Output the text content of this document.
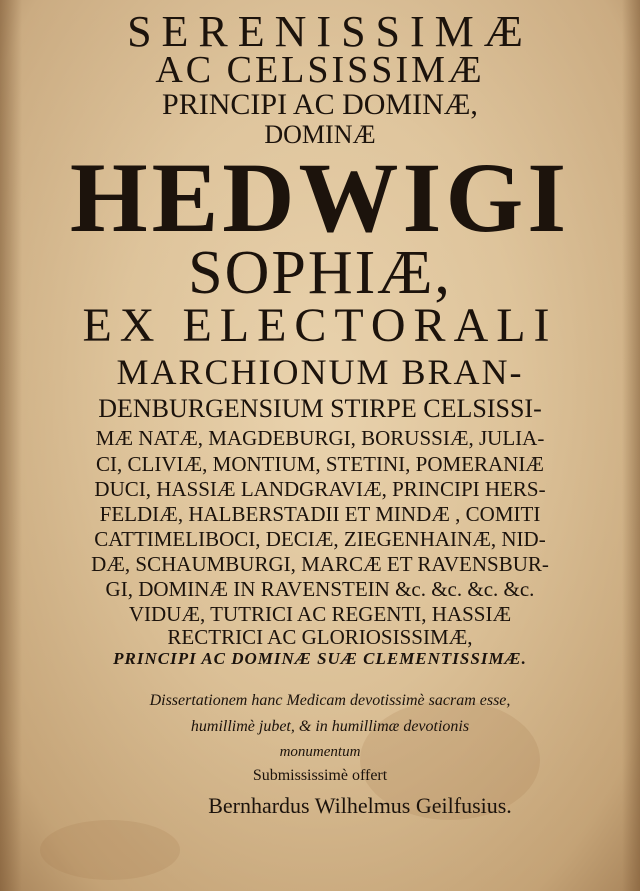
SERENISSIMÆ
AC CELSISSIMÆ
PRINCIPI AC DOMINÆ,
DOMINÆ
HEDWIGI
SOPHIÆ,
EX ELECTORALI
MARCHIONUM BRAN-
DENBURGENSIUM STIRPE CELSISSI-
MÆ NATÆ, MAGDEBURGI, BORUSSIÆ, JULIA-
CI, CLIVIÆ, MONTIUM, STETINI, POMERANIÆ
DUCI, HASSIÆ LANDGRAVIÆ, PRINCIPI HERS-
FELDIÆ, HALBERSTADII ET MINDÆ , COMITI
CATTIMELIBOCI, DECIÆ, ZIEGENHAINÆ, NID-
DÆ, SCHAUMBURGI, MARCÆ ET RAVENSBUR-
GI, DOMINÆ IN RAVENSTEIN &c. &c. &c. &c.
VIDUÆ, TUTRICI AC REGENTI, HASSIÆ
RECTRICI AC GLORIOSISSIMÆ,
PRINCIPI AC DOMINÆ SUÆ CLEMENTISSIMÆ.
Dissertationem hanc Medicam devotissimè sacram esse,
humillimè jubet, & in humillimæ devotionis
monumentum
Submississimè offert
Bernhardus Wilhelmus Geilfusius.
